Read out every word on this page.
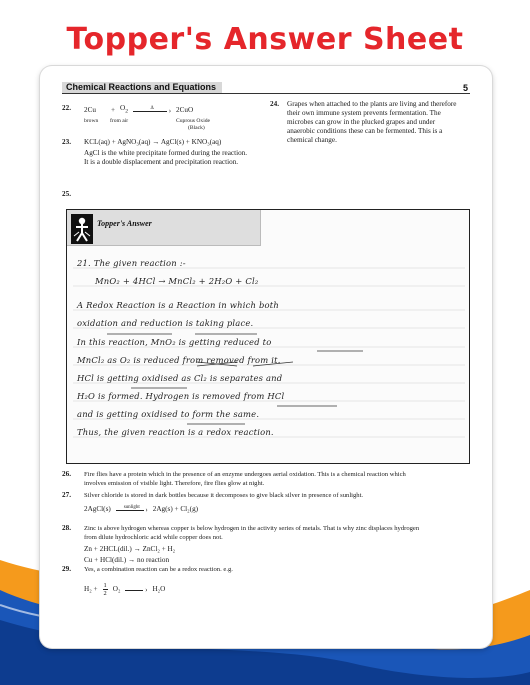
Topper's Answer Sheet
Chemical Reactions and Equations	5
22. $2Cu + O_2$	Δ	› 2CuO
brown from air	Cuprous Oxide
(Black)
23. KCL(aq) + AgNO₃(aq) → AgCl(s) + KNO₃(aq)
AgCl is the white precipitate formed during the reaction.
It is a double displacement and precipitation reaction.
24. Grapes when attached to the plants are living and therefore
their own immune system prevents fermentation. The
microbes can grow in the plucked grapes and under
anaerobic conditions these can be fermented. This is a
chemical change.
25.
Topper's Answer
21. The given reaction :-
MnO₂ + 4HCl → MnCl₂ + 2H₂O + Cl₂
A Redox Reaction is a Reaction in which both
oxidation and reduction is taking place.
In this reaction, MnO₂ is getting reduced to
MnCl₂ as O₂ is reduced from removed from it.
HCl is getting oxidised as Cl₂ is separates and
H₂O is formed. Hydrogen is removed from HCl
and is getting oxidised to form the same.
Thus, the given reaction is a redox reaction.
26. Fire flies have a protein which in the presence of an enzyme undergoes aerial oxidation. This is a chemical reaction which
involves emission of visible light. Therefore, fire flies glow at night.
27. Silver chloride is stored in dark bottles because it decomposes to give black silver in presence of sunlight.
2AgCl(s)	sunlight › 2Ag(s) + Cl₂(g)
28. Zinc is above hydrogen whereas copper is below hydrogen in the activity series of metals. That is why zinc displaces hydrogen
from dilute hydrochloric acid while copper does not.
Zn + 2HCL(dil.) → ZnCl₂ + H₂
Cu + HCl(dil.) → no reaction
29. Yes, a combination reaction can be a redox reaction. e.g.
$H_2 + \frac{1}{2} O_2$	› H₂O
